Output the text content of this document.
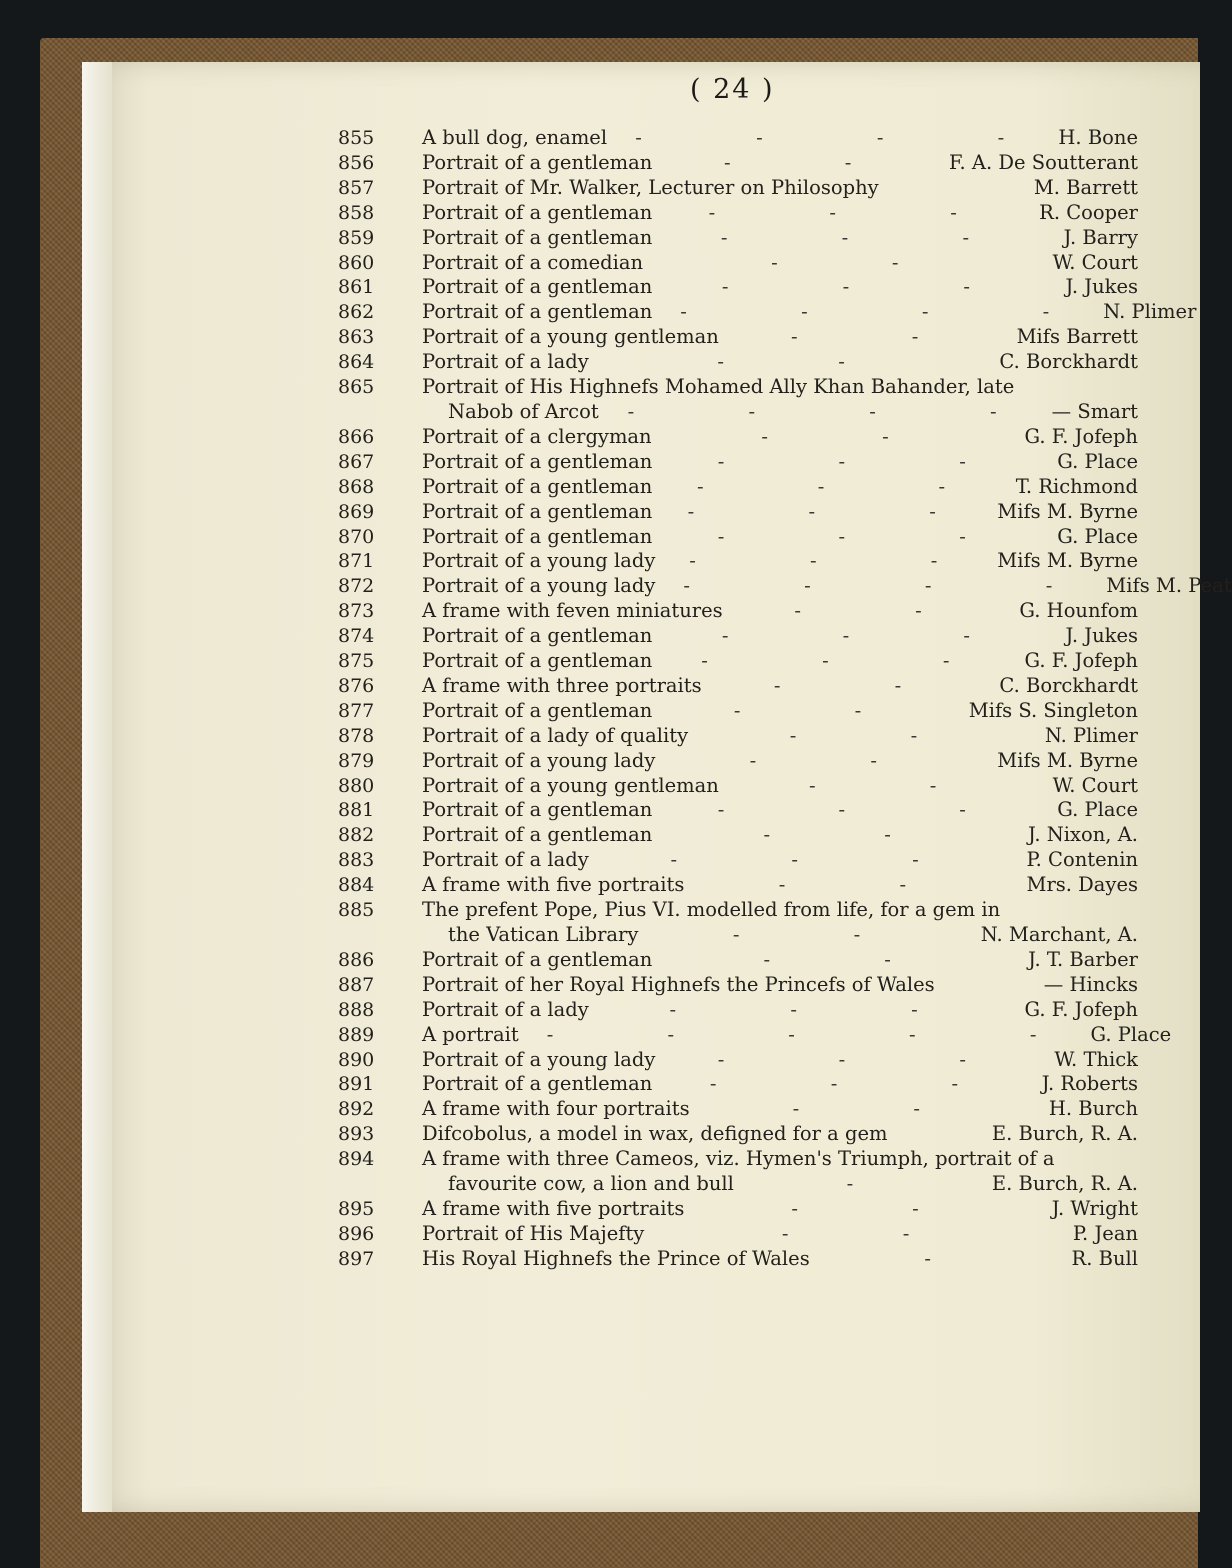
( 24 )
855	A bull dog, enamel	- - - - H. Bone
856	Portrait of a gentleman	- -	F. A. De Soutterant
857	Portrait of Mr. Walker, Lecturer on Philosophy	M. Barrett
858	Portrait of a gentleman	- - -	R. Cooper
859	Portrait of a gentleman	- - -	J. Barry
860	Portrait of a comedian	- -	W. Court
861	Portrait of a gentleman	- - -	J. Jukes
862	Portrait of a gentleman	- - - - N. Plimer
863	Portrait of a young gentleman	- -	Mifs Barrett
864	Portrait of a lady	- -	C. Borckhardt
865	Portrait of His Highnefs Mohamed Ally Khan Bahander, late
Nabob of Arcot	- - - - — Smart
866	Portrait of a clergyman	- -	G. F. Jofeph
867	Portrait of a gentleman	- - -	G. Place
868	Portrait of a gentleman	- - - T. Richmond
869	Portrait of a gentleman	- - - Mifs M. Byrne
870	Portrait of a gentleman	- - -	G. Place
871	Portrait of a young lady	- - - Mifs M. Byrne
872	Portrait of a young lady	- - - - Mifs M. Peat
873	A frame with feven miniatures	- -	G. Hounfom
874	Portrait of a gentleman	- - -	J. Jukes
875	Portrait of a gentleman	- - -	G. F. Jofeph
876	A frame with three portraits	- -	C. Borckhardt
877	Portrait of a gentleman	- -	Mifs S. Singleton
878	Portrait of a lady of quality	- -	N. Plimer
879	Portrait of a young lady	- -	Mifs M. Byrne
880	Portrait of a young gentleman	- -	W. Court
881	Portrait of a gentleman	- - -	G. Place
882	Portrait of a gentleman	- -	J. Nixon, A.
883	Portrait of a lady	- - -	P. Contenin
884	A frame with five portraits	- -	Mrs. Dayes
885	The prefent Pope, Pius VI. modelled from life, for a gem in
the Vatican Library	- -	N. Marchant, A.
886	Portrait of a gentleman	- -	J. T. Barber
887	Portrait of her Royal Highnefs the Princefs of Wales	— Hincks
888	Portrait of a lady	- - -	G. F. Jofeph
889	A portrait	- - - - - G. Place
890	Portrait of a young lady	- - -	W. Thick
891	Portrait of a gentleman	- - -	J. Roberts
892	A frame with four portraits	- -	H. Burch
893	Difcobolus, a model in wax, defigned for a gem	E. Burch, R. A.
894	A frame with three Cameos, viz. Hymen's Triumph, portrait of a
favourite cow, a lion and bull	-	E. Burch, R. A.
895	A frame with five portraits	- -	J. Wright
896	Portrait of His Majefty	- -	P. Jean
897	His Royal Highnefs the Prince of Wales	-	R. Bull
